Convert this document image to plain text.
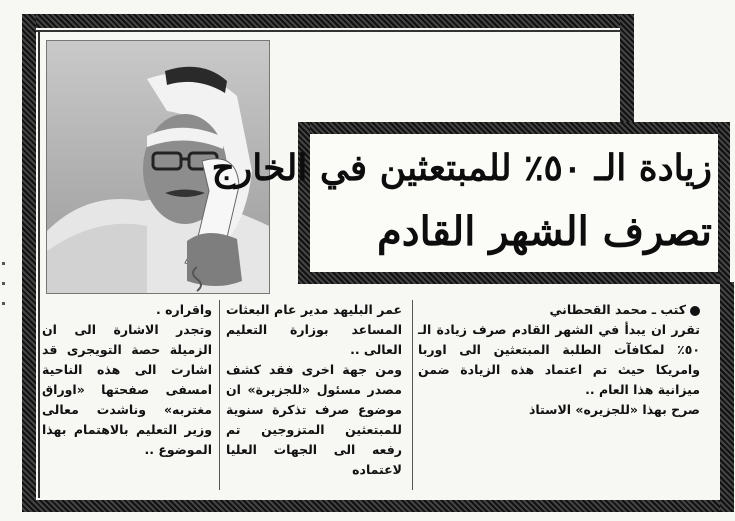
زيادة الـ ٥٠٪ للمبتعثين في الخارج
تصرف الشهر القادم

كتب ـ محمد القحطاني

تقرر ان يبدأ في الشهر القادم صرف زيادة الـ ٥٠٪ لمكافآت الطلبة المبتعثين الى اوربا وامريكا حيث تم اعتماد هذه الزيادة ضمن ميزانية هذا العام ..

صرح بهذا «للجزيره» الاستاذ

عمر البليهد مدير عام البعثات المساعد بوزارة التعليم العالى ..

ومن جهة اخرى فقد كشف مصدر مسئول «للجزيرة» ان موضوع صرف تذكرة سنوية للمبتعثين المتزوجين تم رفعه الى الجهات العليا لاعتماده

واقراره .

وتجدر الاشارة الى ان الزميلة حصة التويجرى قد اشارت الى هذه الناحية امسفى صفحتها «اوراق مغتربه» وناشدت معالى وزير التعليم بالاهتمام بهذا الموضوع ..
